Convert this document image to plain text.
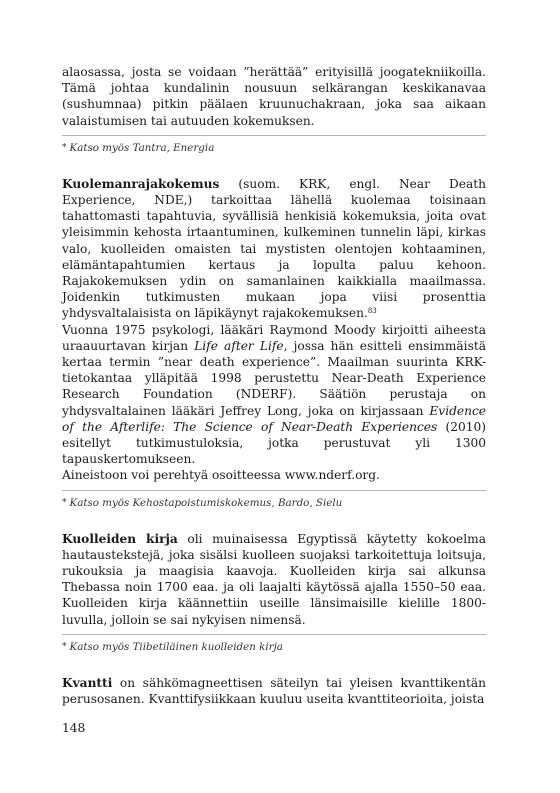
alaosassa, josta se voidaan ”herättää” erityisillä joogatekniikoilla. Tämä johtaa kundalinin nousuun selkärangan keskikanavaa (sushumnaa) pitkin päälaen kruunuchakraan, joka saa aikaan valaistumisen tai autuuden kokemuksen.

* Katso myös Tantra, Energia

Kuolemanrajakokemus (suom. KRK, engl. Near Death Experience, NDE,) tarkoittaa lähellä kuolemaa toisinaan tahattomasti tapahtuvia, syvällisiä henkisiä kokemuksia, joita ovat yleisimmin kehosta irtaantuminen, kulkeminen tunnelin läpi, kirkas valo, kuolleiden omaisten tai mystisten olentojen kohtaaminen, elämäntapahtumien kertaus ja lopulta paluu kehoon. Rajakokemuksen ydin on samanlainen kaikkialla maailmassa. Joidenkin tutkimusten mukaan jopa viisi prosenttia yhdysvaltalaisista on läpikäynyt rajakokemuksen.$^{83}$

Vuonna 1975 psykologi, lääkäri Raymond Moody kirjoitti aiheesta uraauurtavan kirjan Life after Life, jossa hän esitteli ensimmäistä kertaa termin ”near death experience”. Maailman suurinta KRK-tietokantaa ylläpitää 1998 perustettu Near-Death Experience Research Foundation (NDERF). Säätiön perustaja on yhdysvaltalainen lääkäri Jeffrey Long, joka on kirjassaan Evidence of the Afterlife: The Science of Near-Death Experiences (2010) esitellyt tutkimustuloksia, jotka perustuvat yli 1300 tapauskertomukseen.

Aineistoon voi perehtyä osoitteessa www.nderf.org.

* Katso myös Kehostapoistumiskokemus, Bardo, Sielu

Kuolleiden kirja oli muinaisessa Egyptissä käytetty kokoelma hautaustekstejä, joka sisälsi kuolleen suojaksi tarkoitettuja loitsuja, rukouksia ja maagisia kaavoja. Kuolleiden kirja sai alkunsa Thebassa noin 1700 eaa. ja oli laajalti käytössä ajalla 1550–50 eaa. Kuolleiden kirja käännettiin useille länsimaisille kielille 1800-luvulla, jolloin se sai nykyisen nimensä.

* Katso myös Tiibetiläinen kuolleiden kirja

Kvantti on sähkömagneettisen säteilyn tai yleisen kvanttikentän perusosanen. Kvanttifysiikkaan kuuluu useita kvanttiteorioita, joista

148
